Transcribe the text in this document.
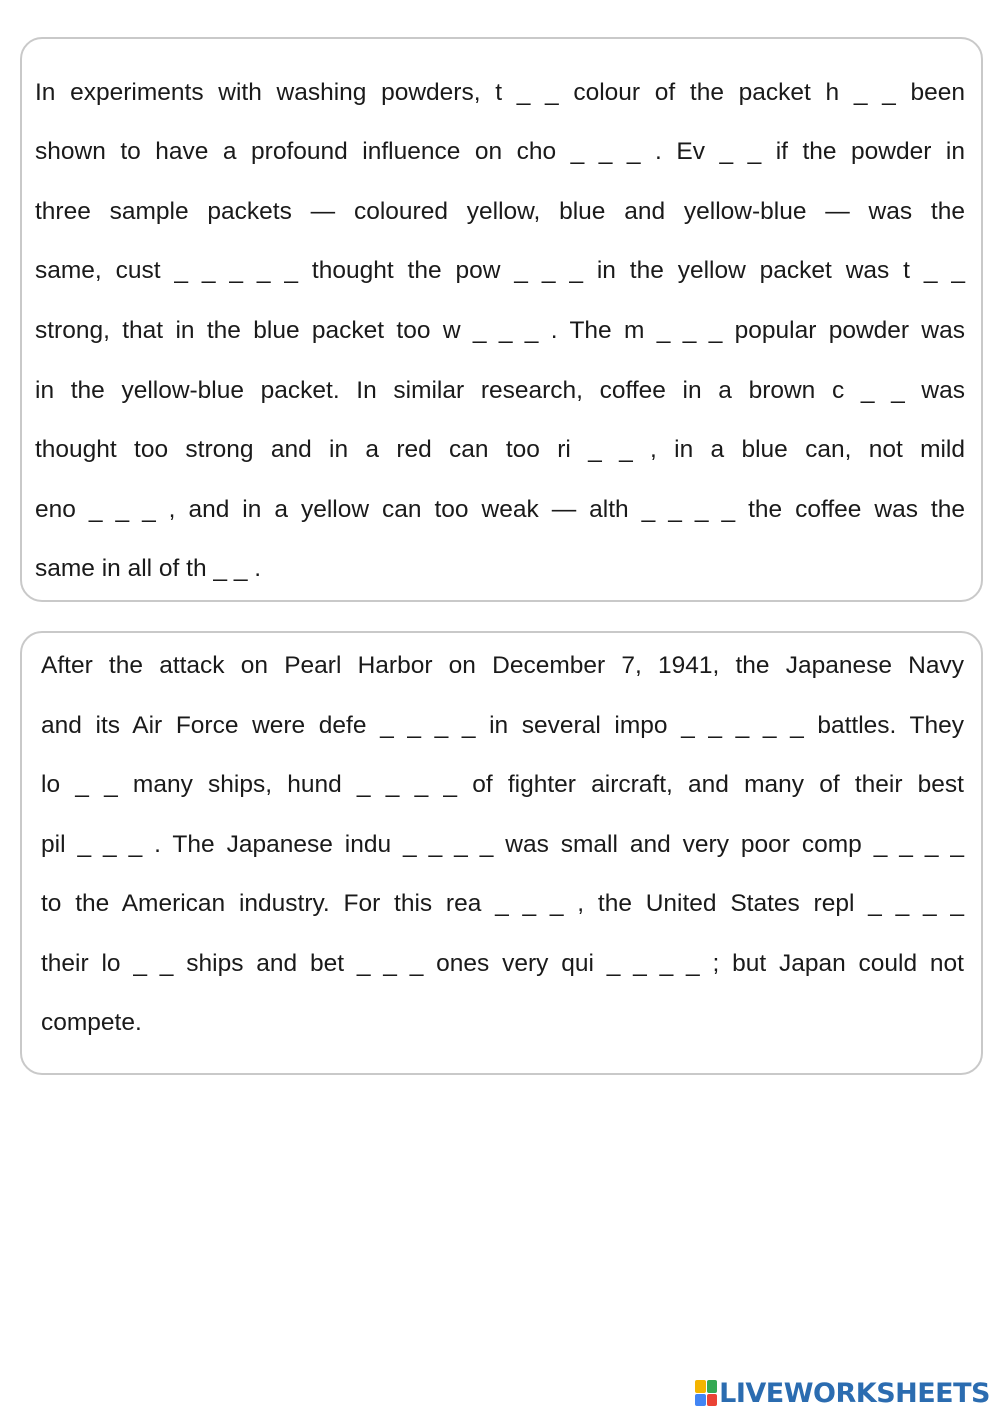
In experiments with washing powders, t _ _ colour of the packet h _ _ been
shown to have a profound influence on cho _ _ _ . Ev _ _ if the powder in
three sample packets — coloured yellow, blue and yellow-blue — was the
same, cust _ _ _ _ _ thought the pow _ _ _ in the yellow packet was t _ _
strong, that in the blue packet too w _ _ _ . The m _ _ _ popular powder was
in the yellow-blue packet. In similar research, coffee in a brown c _ _ was
thought too strong and in a red can too ri _ _ , in a blue can, not mild
eno _ _ _ , and in a yellow can too weak — alth _ _ _ _ the coffee was the
same in all of th _ _ .
After the attack on Pearl Harbor on December 7, 1941, the Japanese Navy
and its Air Force were defe _ _ _ _ in several impo _ _ _ _ _ battles. They
lo _ _ many ships, hund _ _ _ _ of fighter aircraft, and many of their best
pil _ _ _ . The Japanese indu _ _ _ _ was small and very poor comp _ _ _ _
to the American industry. For this rea _ _ _ , the United States repl _ _ _ _
their lo _ _ ships and bet _ _ _ ones very qui _ _ _ _ ; but Japan could not
compete.
LIVEWORKSHEETS
